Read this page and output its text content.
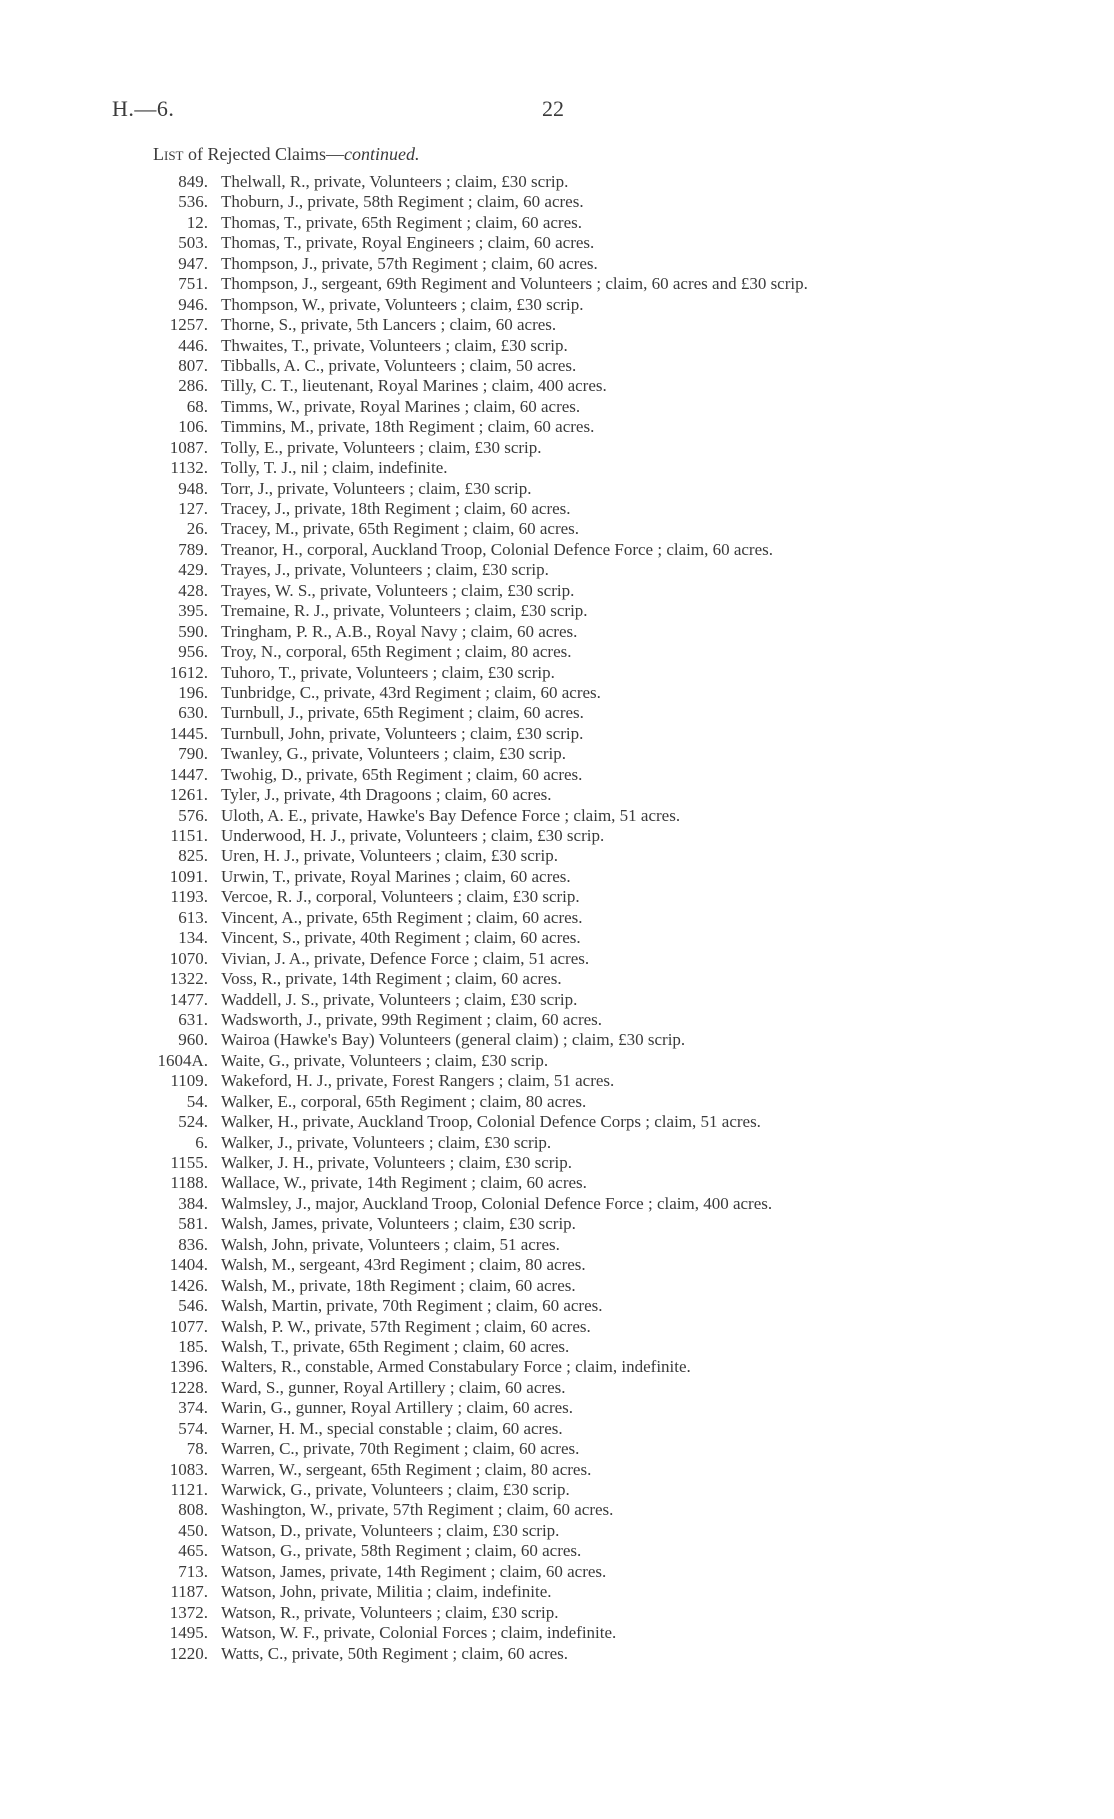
H.—6.	22
List of Rejected Claims—continued.
849. Thelwall, R., private, Volunteers ; claim, £30 scrip.
536. Thoburn, J., private, 58th Regiment ; claim, 60 acres.
12. Thomas, T., private, 65th Regiment ; claim, 60 acres.
503. Thomas, T., private, Royal Engineers ; claim, 60 acres.
947. Thompson, J., private, 57th Regiment ; claim, 60 acres.
751. Thompson, J., sergeant, 69th Regiment and Volunteers ; claim, 60 acres and £30 scrip.
946. Thompson, W., private, Volunteers ; claim, £30 scrip.
1257. Thorne, S., private, 5th Lancers ; claim, 60 acres.
446. Thwaites, T., private, Volunteers ; claim, £30 scrip.
807. Tibballs, A. C., private, Volunteers ; claim, 50 acres.
286. Tilly, C. T., lieutenant, Royal Marines ; claim, 400 acres.
68. Timms, W., private, Royal Marines ; claim, 60 acres.
106. Timmins, M., private, 18th Regiment ; claim, 60 acres.
1087. Tolly, E., private, Volunteers ; claim, £30 scrip.
1132. Tolly, T. J., nil ; claim, indefinite.
948. Torr, J., private, Volunteers ; claim, £30 scrip.
127. Tracey, J., private, 18th Regiment ; claim, 60 acres.
26. Tracey, M., private, 65th Regiment ; claim, 60 acres.
789. Treanor, H., corporal, Auckland Troop, Colonial Defence Force ; claim, 60 acres.
429. Trayes, J., private, Volunteers ; claim, £30 scrip.
428. Trayes, W. S., private, Volunteers ; claim, £30 scrip.
395. Tremaine, R. J., private, Volunteers ; claim, £30 scrip.
590. Tringham, P. R., A.B., Royal Navy ; claim, 60 acres.
956. Troy, N., corporal, 65th Regiment ; claim, 80 acres.
1612. Tuhoro, T., private, Volunteers ; claim, £30 scrip.
196. Tunbridge, C., private, 43rd Regiment ; claim, 60 acres.
630. Turnbull, J., private, 65th Regiment ; claim, 60 acres.
1445. Turnbull, John, private, Volunteers ; claim, £30 scrip.
790. Twanley, G., private, Volunteers ; claim, £30 scrip.
1447. Twohig, D., private, 65th Regiment ; claim, 60 acres.
1261. Tyler, J., private, 4th Dragoons ; claim, 60 acres.
576. Uloth, A. E., private, Hawke's Bay Defence Force ; claim, 51 acres.
1151. Underwood, H. J., private, Volunteers ; claim, £30 scrip.
825. Uren, H. J., private, Volunteers ; claim, £30 scrip.
1091. Urwin, T., private, Royal Marines ; claim, 60 acres.
1193. Vercoe, R. J., corporal, Volunteers ; claim, £30 scrip.
613. Vincent, A., private, 65th Regiment ; claim, 60 acres.
134. Vincent, S., private, 40th Regiment ; claim, 60 acres.
1070. Vivian, J. A., private, Defence Force ; claim, 51 acres.
1322. Voss, R., private, 14th Regiment ; claim, 60 acres.
1477. Waddell, J. S., private, Volunteers ; claim, £30 scrip.
631. Wadsworth, J., private, 99th Regiment ; claim, 60 acres.
960. Wairoa (Hawke's Bay) Volunteers (general claim) ; claim, £30 scrip.
1604A. Waite, G., private, Volunteers ; claim, £30 scrip.
1109. Wakeford, H. J., private, Forest Rangers ; claim, 51 acres.
54. Walker, E., corporal, 65th Regiment ; claim, 80 acres.
524. Walker, H., private, Auckland Troop, Colonial Defence Corps ; claim, 51 acres.
6. Walker, J., private, Volunteers ; claim, £30 scrip.
1155. Walker, J. H., private, Volunteers ; claim, £30 scrip.
1188. Wallace, W., private, 14th Regiment ; claim, 60 acres.
384. Walmsley, J., major, Auckland Troop, Colonial Defence Force ; claim, 400 acres.
581. Walsh, James, private, Volunteers ; claim, £30 scrip.
836. Walsh, John, private, Volunteers ; claim, 51 acres.
1404. Walsh, M., sergeant, 43rd Regiment ; claim, 80 acres.
1426. Walsh, M., private, 18th Regiment ; claim, 60 acres.
546. Walsh, Martin, private, 70th Regiment ; claim, 60 acres.
1077. Walsh, P. W., private, 57th Regiment ; claim, 60 acres.
185. Walsh, T., private, 65th Regiment ; claim, 60 acres.
1396. Walters, R., constable, Armed Constabulary Force ; claim, indefinite.
1228. Ward, S., gunner, Royal Artillery ; claim, 60 acres.
374. Warin, G., gunner, Royal Artillery ; claim, 60 acres.
574. Warner, H. M., special constable ; claim, 60 acres.
78. Warren, C., private, 70th Regiment ; claim, 60 acres.
1083. Warren, W., sergeant, 65th Regiment ; claim, 80 acres.
1121. Warwick, G., private, Volunteers ; claim, £30 scrip.
808. Washington, W., private, 57th Regiment ; claim, 60 acres.
450. Watson, D., private, Volunteers ; claim, £30 scrip.
465. Watson, G., private, 58th Regiment ; claim, 60 acres.
713. Watson, James, private, 14th Regiment ; claim, 60 acres.
1187. Watson, John, private, Militia ; claim, indefinite.
1372. Watson, R., private, Volunteers ; claim, £30 scrip.
1495. Watson, W. F., private, Colonial Forces ; claim, indefinite.
1220. Watts, C., private, 50th Regiment ; claim, 60 acres.
